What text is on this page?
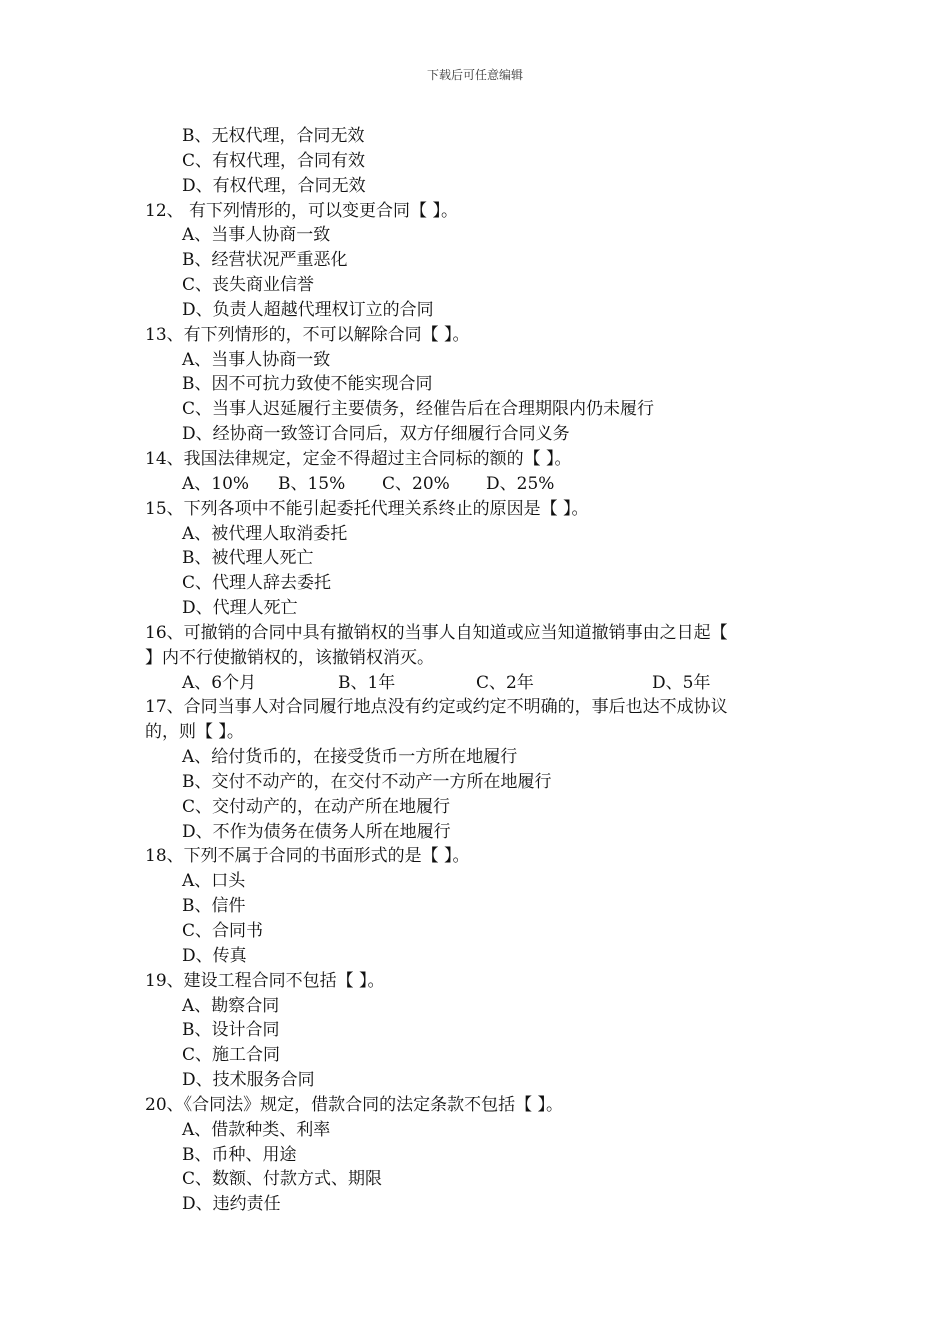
下载后可任意编辑
B、无权代理，合同无效
C、有权代理，合同有效
D、有权代理，合同无效
12、 有下列情形的，可以变更合同【 】。
A、当事人协商一致
B、经营状况严重恶化
C、丧失商业信誉
D、负责人超越代理权订立的合同
13、有下列情形的，不可以解除合同【 】。
A、当事人协商一致
B、因不可抗力致使不能实现合同
C、当事人迟延履行主要债务，经催告后在合理期限内仍未履行
D、经协商一致签订合同后，双方仔细履行合同义务
14、我国法律规定，定金不得超过主合同标的额的【 】。
A、10%	B、15%	C、20%	D、25%
15、下列各项中不能引起委托代理关系终止的原因是【 】。
A、被代理人取消委托
B、被代理人死亡
C、代理人辞去委托
D、代理人死亡
16、可撤销的合同中具有撤销权的当事人自知道或应当知道撤销事由之日起【
】内不行使撤销权的，该撤销权消灭。
A、6个月	B、1年	C、2年	D、5年
17、合同当事人对合同履行地点没有约定或约定不明确的，事后也达不成协议
的，则【 】。
A、给付货币的，在接受货币一方所在地履行
B、交付不动产的，在交付不动产一方所在地履行
C、交付动产的，在动产所在地履行
D、不作为债务在债务人所在地履行
18、下列不属于合同的书面形式的是【 】。
A、口头
B、信件
C、合同书
D、传真
19、建设工程合同不包括【 】。
A、勘察合同
B、设计合同
C、施工合同
D、技术服务合同
20、《合同法》规定，借款合同的法定条款不包括【 】。
A、借款种类、利率
B、币种、用途
C、数额、付款方式、期限
D、违约责任
